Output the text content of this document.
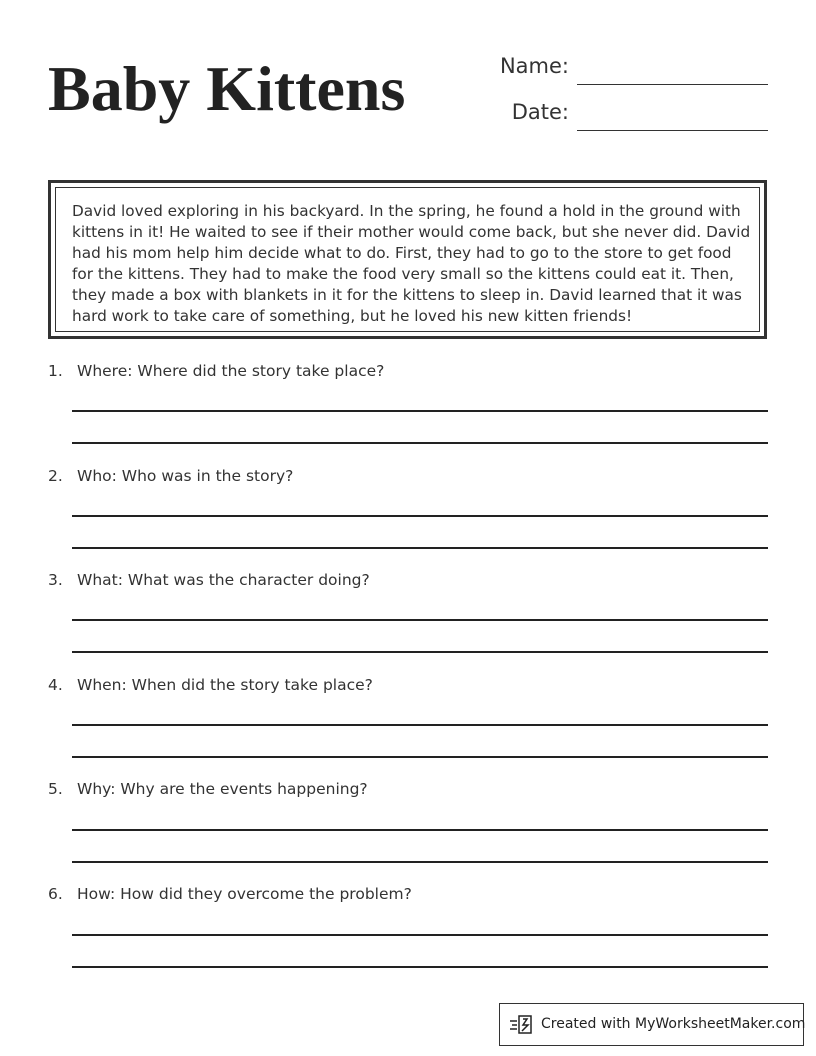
Baby Kittens	Name:
Date:

David loved exploring in his backyard. In the spring, he found a hold in the ground with kittens in it! He waited to see if their mother would come back, but she never did. David had his mom help him decide what to do. First, they had to go to the store to get food for the kittens. They had to make the food very small so the kittens could eat it. Then, they made a box with blankets in it for the kittens to sleep in. David learned that it was hard work to take care of something, but he loved his new kitten friends!

1. Where: Where did the story take place?
2. Who: Who was in the story?
3. What: What was the character doing?
4. When: When did the story take place?
5. Why: Why are the events happening?
6. How: How did they overcome the problem?
Created with MyWorksheetMaker.com
